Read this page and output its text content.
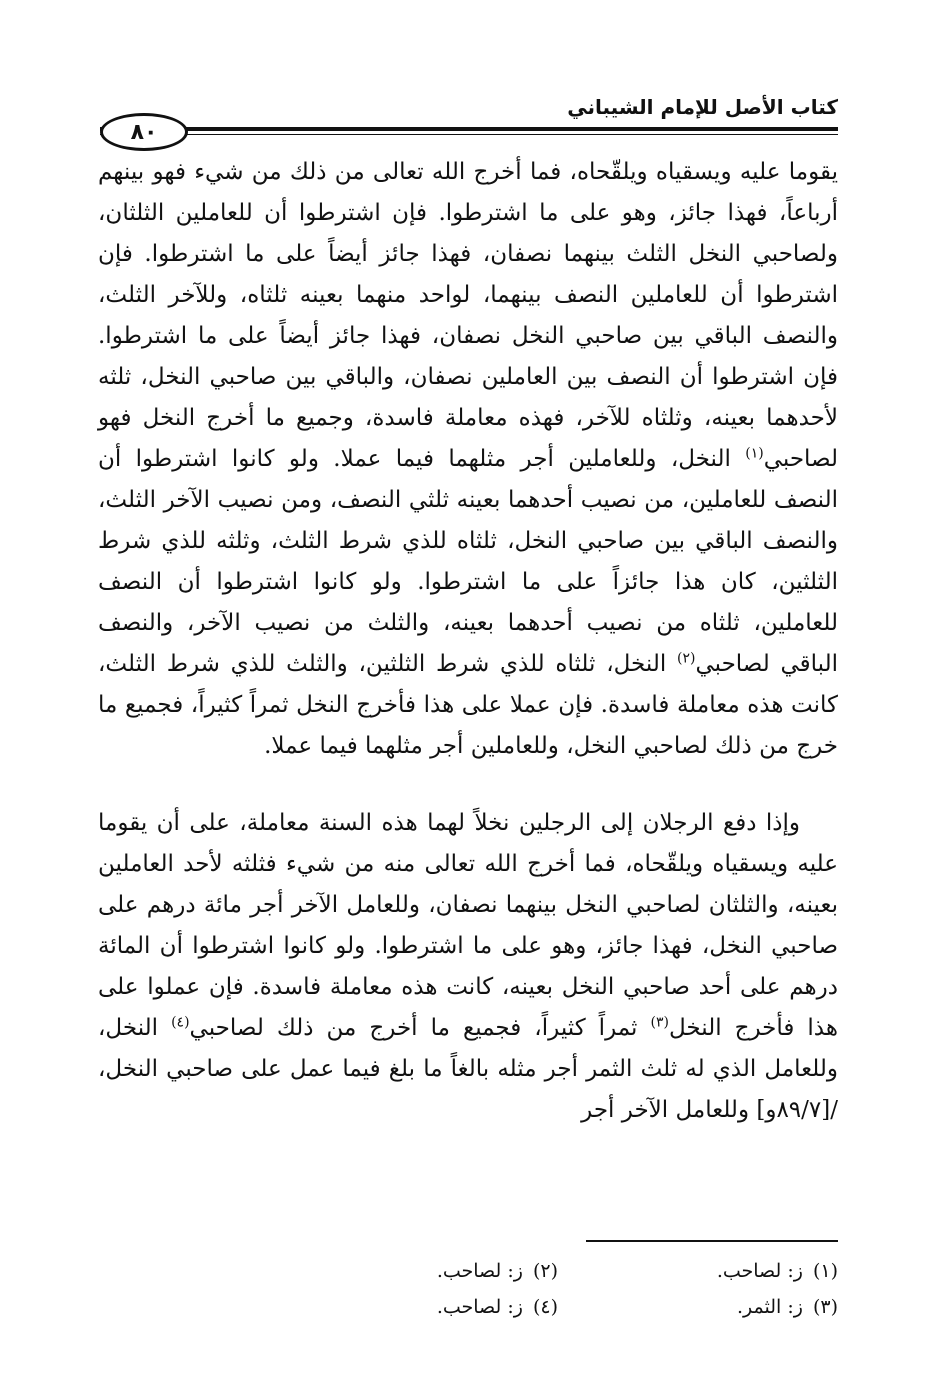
كتاب الأصل للإمام الشيباني
٨٠

يقوما عليه ويسقياه ويلقّحاه، فما أخرج الله تعالى من ذلك من شيء فهو بينهم أرباعاً، فهذا جائز، وهو على ما اشترطوا. فإن اشترطوا أن للعاملين الثلثان، ولصاحبي النخل الثلث بينهما نصفان، فهذا جائز أيضاً على ما اشترطوا. فإن اشترطوا أن للعاملين النصف بينهما، لواحد منهما بعينه ثلثاه، وللآخر الثلث، والنصف الباقي بين صاحبي النخل نصفان، فهذا جائز أيضاً على ما اشترطوا. فإن اشترطوا أن النصف بين العاملين نصفان، والباقي بين صاحبي النخل، ثلثه لأحدهما بعينه، وثلثاه للآخر، فهذه معاملة فاسدة، وجميع ما أخرج النخل فهو لصاحبي$^{(١)}$ النخل، وللعاملين أجر مثلهما فيما عملا. ولو كانوا اشترطوا أن النصف للعاملين، من نصيب أحدهما بعينه ثلثي النصف، ومن نصيب الآخر الثلث، والنصف الباقي بين صاحبي النخل، ثلثاه للذي شرط الثلث، وثلثه للذي شرط الثلثين، كان هذا جائزاً على ما اشترطوا. ولو كانوا اشترطوا أن النصف للعاملين، ثلثاه من نصيب أحدهما بعينه، والثلث من نصيب الآخر، والنصف الباقي لصاحبي$^{(٢)}$ النخل، ثلثاه للذي شرط الثلثين، والثلث للذي شرط الثلث، كانت هذه معاملة فاسدة. فإن عملا على هذا فأخرج النخل ثمراً كثيراً، فجميع ما خرج من ذلك لصاحبي النخل، وللعاملين أجر مثلهما فيما عملا.

وإذا دفع الرجلان إلى الرجلين نخلاً لهما هذه السنة معاملة، على أن يقوما عليه ويسقياه ويلقّحاه، فما أخرج الله تعالى منه من شيء فثلثه لأحد العاملين بعينه، والثلثان لصاحبي النخل بينهما نصفان، وللعامل الآخر أجر مائة درهم على صاحبي النخل، فهذا جائز، وهو على ما اشترطوا. ولو كانوا اشترطوا أن المائة درهم على أحد صاحبي النخل بعينه، كانت هذه معاملة فاسدة. فإن عملوا على هذا فأخرج النخل$^{(٣)}$ ثمراً كثيراً، فجميع ما أخرج من ذلك لصاحبي$^{(٤)}$ النخل، وللعامل الذي له ثلث الثمر أجر مثله بالغاً ما بلغ فيما عمل على صاحبي النخل، /[٨٩/٧و] وللعامل الآخر أجر

(١)ز: لصاحب.
(٢)ز: لصاحب.
(٣)ز: الثمر.
(٤)ز: لصاحب.
